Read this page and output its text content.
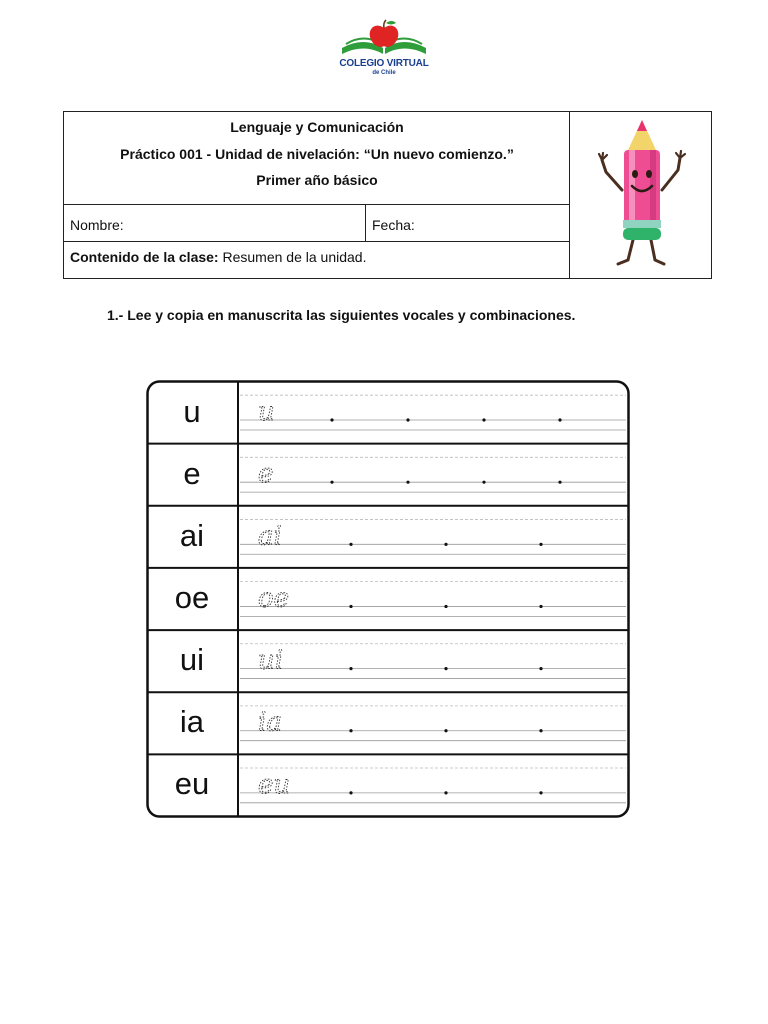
COLEGIO VIRTUAL
de Chile
Lenguaje y Comunicación
Práctico 001 - Unidad de nivelación: “Un nuevo comienzo.”
Primer año básico
Nombre:	Fecha:
Contenido de la clase: Resumen de la unidad.
1.- Lee y copia en manuscrita las siguientes vocales y combinaciones.
u
e
ai
oe
ui
ia
eu
u
e
ai
oe
ui
ia
eu
